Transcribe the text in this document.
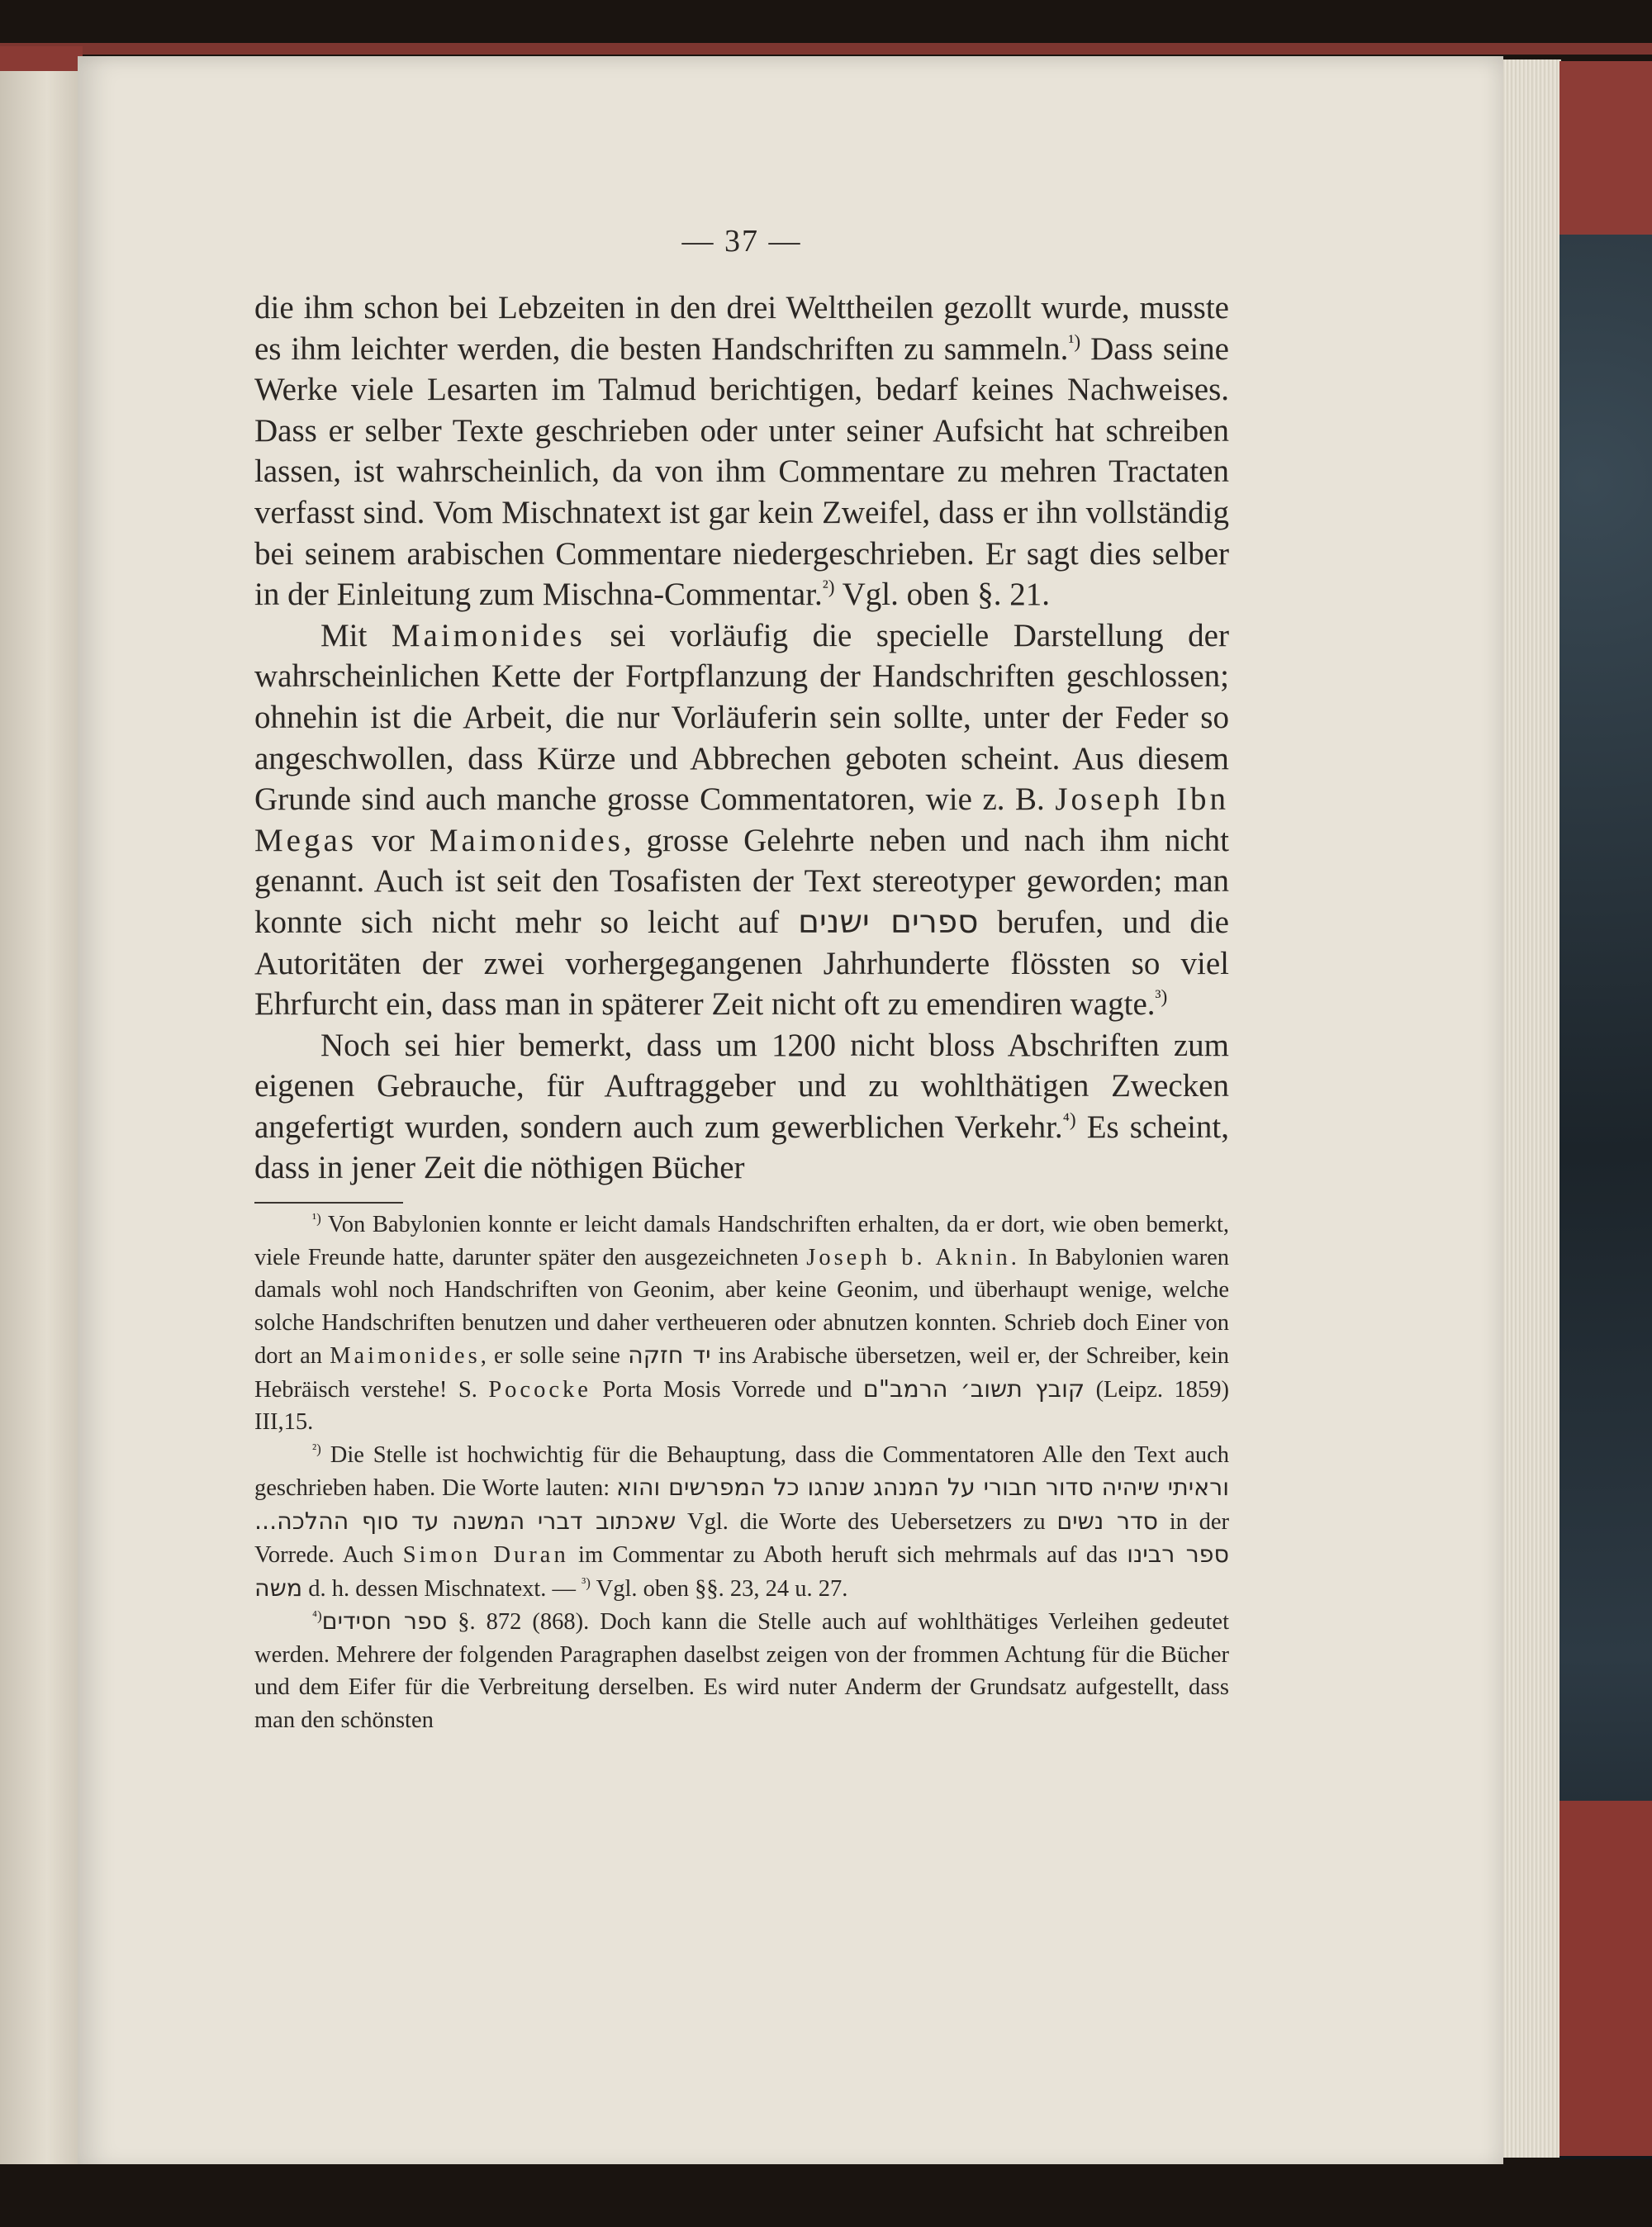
— 37 —

die ihm schon bei Lebzeiten in den drei Welttheilen gezollt wurde, musste es ihm leichter werden, die besten Handschriften zu sammeln.$^{^1)}$ Dass seine Werke viele Lesarten im Talmud berichtigen, bedarf keines Nachweises. Dass er selber Texte geschrieben oder unter seiner Aufsicht hat schreiben lassen, ist wahrscheinlich, da von ihm Commentare zu mehren Tractaten verfasst sind. Vom Mischnatext ist gar kein Zweifel, dass er ihn vollständig bei seinem arabischen Commentare niedergeschrieben. Er sagt dies selber in der Einleitung zum Mischna-Commentar.$^{^2)}$ Vgl. oben §. 21.

Mit Maimonides sei vorläufig die specielle Darstellung der wahrscheinlichen Kette der Fortpflanzung der Handschriften geschlossen; ohnehin ist die Arbeit, die nur Vorläuferin sein sollte, unter der Feder so angeschwollen, dass Kürze und Abbrechen geboten scheint. Aus diesem Grunde sind auch manche grosse Commentatoren, wie z. B. Joseph Ibn Megas vor Maimonides, grosse Gelehrte neben und nach ihm nicht genannt. Auch ist seit den Tosafisten der Text stereotyper geworden; man konnte sich nicht mehr so leicht auf ספרים ישנים berufen, und die Autoritäten der zwei vorhergegangenen Jahrhunderte flössten so viel Ehrfurcht ein, dass man in späterer Zeit nicht oft zu emendiren wagte.$^{^3)}$

Noch sei hier bemerkt, dass um 1200 nicht bloss Abschriften zum eigenen Gebrauche, für Auftraggeber und zu wohlthätigen Zwecken angefertigt wurden, sondern auch zum gewerblichen Verkehr.$^{^4)}$ Es scheint, dass in jener Zeit die nöthigen Bücher

$^{^1)}$ Von Babylonien konnte er leicht damals Handschriften erhalten, da er dort, wie oben bemerkt, viele Freunde hatte, darunter später den ausgezeichneten Joseph b. Aknin. In Babylonien waren damals wohl noch Handschriften von Geonim, aber keine Geonim, und überhaupt wenige, welche solche Handschriften benutzen und daher vertheueren oder abnutzen konnten. Schrieb doch Einer von dort an Maimonides, er solle seine יד חזקה ins Arabische übersetzen, weil er, der Schreiber, kein Hebräisch verstehe! S. Pococke Porta Mosis Vorrede und קובץ תשוב׳ הרמב"ם (Leipz. 1859) III,15.

$^{^2)}$ Die Stelle ist hochwichtig für die Behauptung, dass die Commentatoren Alle den Text auch geschrieben haben. Die Worte lauten: וראיתי שיהיה סדור חבורי על המנהג שנהגו כל המפרשים והוא שאכתוב דברי המשנה עד סוף ההלכה... Vgl. die Worte des Uebersetzers zu סדר נשים in der Vorrede. Auch Simon Duran im Commentar zu Aboth heruft sich mehrmals auf das ספר רבינו משה d. h. dessen Mischnatext. — $^{^3)}$ Vgl. oben §§. 23, 24 u. 27.

$^{^4)}$ספר חסידים §. 872 (868). Doch kann die Stelle auch auf wohlthätiges Verleihen gedeutet werden. Mehrere der folgenden Paragraphen daselbst zeigen von der frommen Achtung für die Bücher und dem Eifer für die Verbreitung derselben. Es wird nuter Anderm der Grundsatz aufgestellt, dass man den schönsten
